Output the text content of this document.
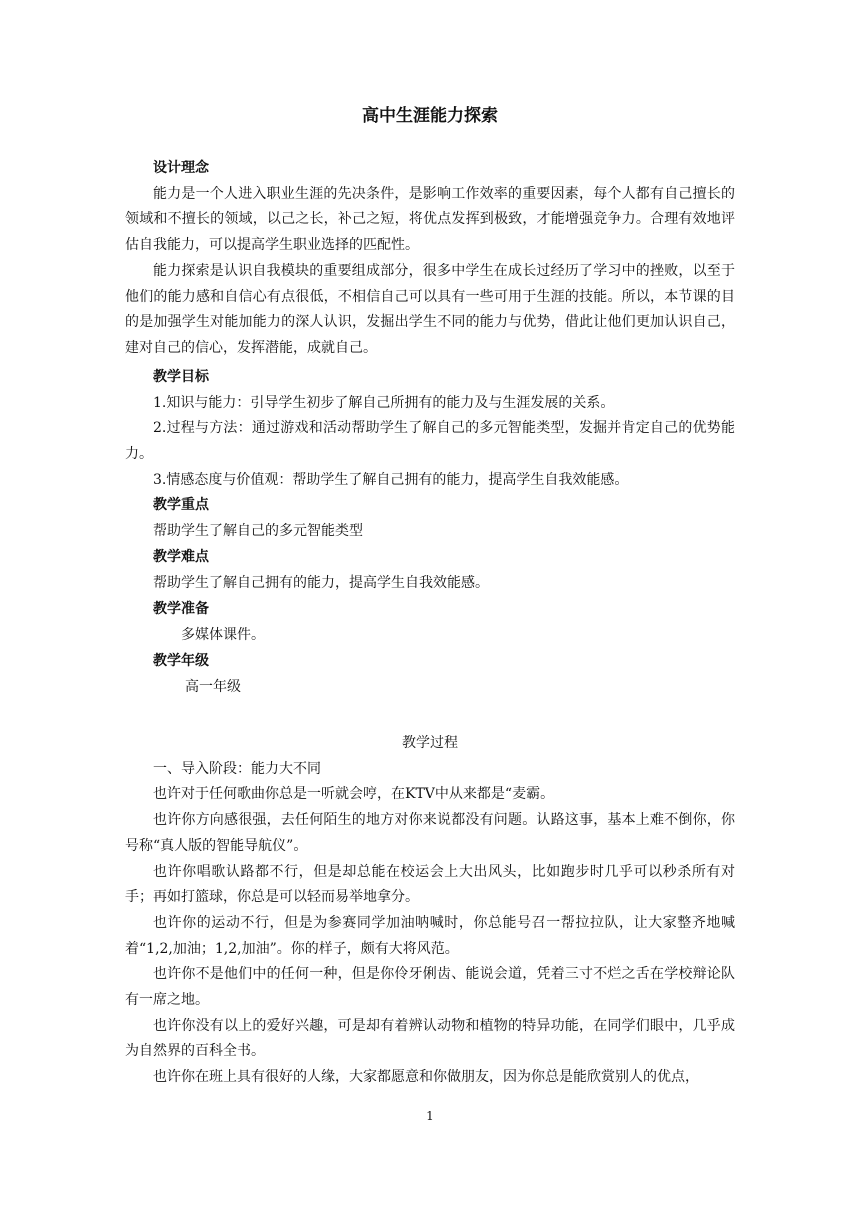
高中生涯能力探索
设计理念

能力是一个人进入职业生涯的先决条件，是影响工作效率的重要因素，每个人都有自己擅长的领域和不擅长的领域，以己之长，补己之短，将优点发挥到极致，才能增强竞争力。合理有效地评估自我能力，可以提高学生职业选择的匹配性。

能力探索是认识自我模块的重要组成部分，很多中学生在成长过经历了学习中的挫败，以至于他们的能力感和自信心有点很低，不相信自己可以具有一些可用于生涯的技能。所以，本节课的目的是加强学生对能加能力的深人认识，发掘出学生不同的能力与优势，借此让他们更加认识自己，建对自己的信心，发挥潜能，成就自己。

教学目标

1.知识与能力：引导学生初步了解自己所拥有的能力及与生涯发展的关系。

2.过程与方法：通过游戏和活动帮助学生了解自己的多元智能类型，发掘并肯定自己的优势能力。

3.情感态度与价值观：帮助学生了解自己拥有的能力，提高学生自我效能感。

教学重点

帮助学生了解自己的多元智能类型

教学难点

帮助学生了解自己拥有的能力，提高学生自我效能感。

教学准备

多媒体课件。

教学年级

高一年级

教学过程

一、导入阶段：能力大不同

也许对于任何歌曲你总是一听就会哼，在KTV中从来都是“麦霸。

也许你方向感很强，去任何陌生的地方对你来说都没有问题。认路这事，基本上难不倒你，你号称“真人版的智能导航仪”。

也许你唱歌认路都不行，但是却总能在校运会上大出风头，比如跑步时几乎可以秒杀所有对手；再如打篮球，你总是可以轻而易举地拿分。

也许你的运动不行，但是为参赛同学加油呐喊时，你总能号召一帮拉拉队，让大家整齐地喊着“1,2,加油；1,2,加油”。你的样子，颇有大将风范。

也许你不是他们中的任何一种，但是你伶牙俐齿、能说会道，凭着三寸不烂之舌在学校辩论队有一席之地。

也许你没有以上的爱好兴趣，可是却有着辨认动物和植物的特异功能，在同学们眼中，几乎成为自然界的百科全书。

也许你在班上具有很好的人缘，大家都愿意和你做朋友，因为你总是能欣赏别人的优点，

1
